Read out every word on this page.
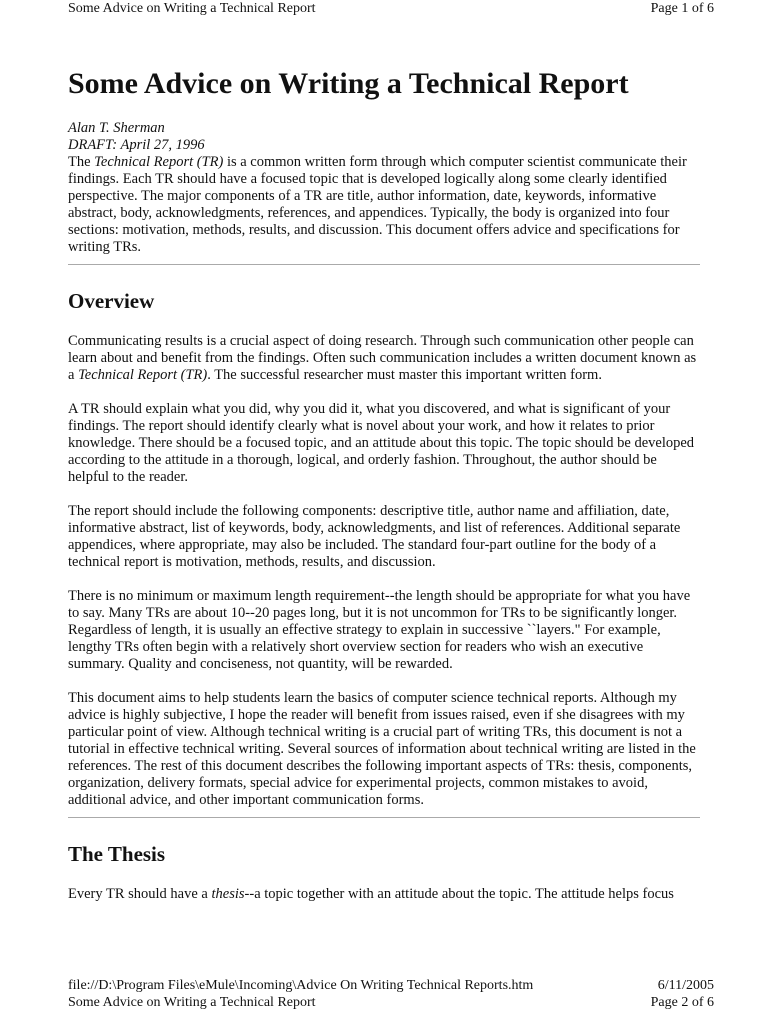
Some Advice on Writing a Technical Report	Page 1 of 6
Some Advice on Writing a Technical Report
Alan T. Sherman
DRAFT: April 27, 1996

The Technical Report (TR) is a common written form through which computer scientist communicate their findings. Each TR should have a focused topic that is developed logically along some clearly identified perspective. The major components of a TR are title, author information, date, keywords, informative abstract, body, acknowledgments, references, and appendices. Typically, the body is organized into four sections: motivation, methods, results, and discussion. This document offers advice and specifications for writing TRs.

Overview

Communicating results is a crucial aspect of doing research. Through such communication other people can learn about and benefit from the findings. Often such communication includes a written document known as a Technical Report (TR). The successful researcher must master this important written form.

A TR should explain what you did, why you did it, what you discovered, and what is significant of your findings. The report should identify clearly what is novel about your work, and how it relates to prior knowledge. There should be a focused topic, and an attitude about this topic. The topic should be developed according to the attitude in a thorough, logical, and orderly fashion. Throughout, the author should be helpful to the reader.

The report should include the following components: descriptive title, author name and affiliation, date, informative abstract, list of keywords, body, acknowledgments, and list of references. Additional separate appendices, where appropriate, may also be included. The standard four-part outline for the body of a technical report is motivation, methods, results, and discussion.

There is no minimum or maximum length requirement--the length should be appropriate for what you have to say. Many TRs are about 10--20 pages long, but it is not uncommon for TRs to be significantly longer. Regardless of length, it is usually an effective strategy to explain in successive ``layers." For example, lengthy TRs often begin with a relatively short overview section for readers who wish an executive summary. Quality and conciseness, not quantity, will be rewarded.

This document aims to help students learn the basics of computer science technical reports. Although my advice is highly subjective, I hope the reader will benefit from issues raised, even if she disagrees with my particular point of view. Although technical writing is a crucial part of writing TRs, this document is not a tutorial in effective technical writing. Several sources of information about technical writing are listed in the references. The rest of this document describes the following important aspects of TRs: thesis, components, organization, delivery formats, special advice for experimental projects, common mistakes to avoid, additional advice, and other important communication forms.

The Thesis

Every TR should have a thesis--a topic together with an attitude about the topic. The attitude helps focus

file://D:\Program Files\eMule\Incoming\Advice On Writing Technical Reports.htm	6/11/2005
Some Advice on Writing a Technical Report	Page 2 of 6
